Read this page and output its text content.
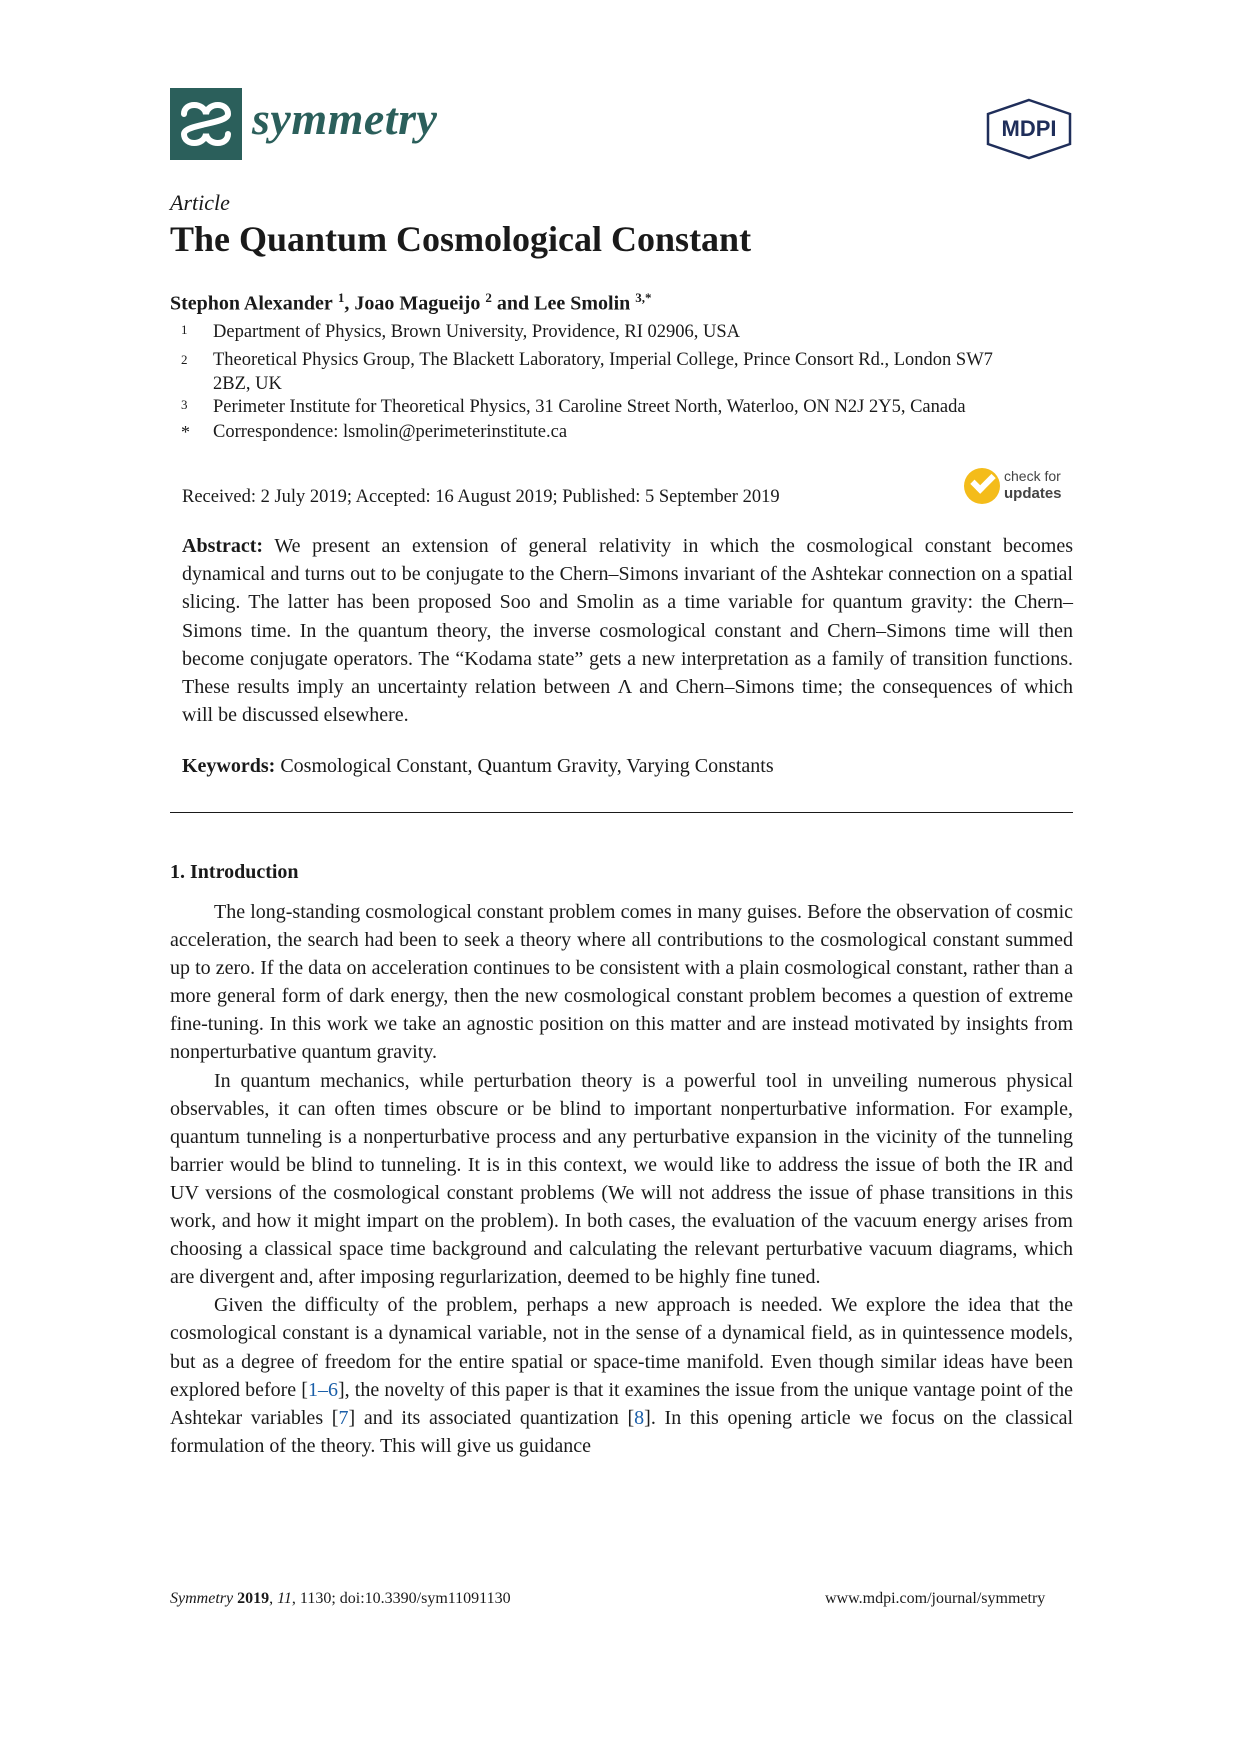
symmetry	MDPI
Article
The Quantum Cosmological Constant
Stephon Alexander $^1$, Joao Magueijo $^2$ and Lee Smolin $^{3,*}$
1 Department of Physics, Brown University, Providence, RI 02906, USA
2 Theoretical Physics Group, The Blackett Laboratory, Imperial College, Prince Consort Rd., London SW7 2BZ, UK
3 Perimeter Institute for Theoretical Physics, 31 Caroline Street North, Waterloo, ON N2J 2Y5, Canada
* Correspondence: lsmolin@perimeterinstitute.ca
Received: 2 July 2019; Accepted: 16 August 2019; Published: 5 September 2019
check for
updates
Abstract: We present an extension of general relativity in which the cosmological constant becomes dynamical and turns out to be conjugate to the Chern–Simons invariant of the Ashtekar connection on a spatial slicing. The latter has been proposed Soo and Smolin as a time variable for quantum gravity: the Chern–Simons time. In the quantum theory, the inverse cosmological constant and Chern–Simons time will then become conjugate operators. The “Kodama state” gets a new interpretation as a family of transition functions. These results imply an uncertainty relation between Λ and Chern–Simons time; the consequences of which will be discussed elsewhere.
Keywords: Cosmological Constant, Quantum Gravity, Varying Constants
1. Introduction

The long-standing cosmological constant problem comes in many guises. Before the observation of cosmic acceleration, the search had been to seek a theory where all contributions to the cosmological constant summed up to zero. If the data on acceleration continues to be consistent with a plain cosmological constant, rather than a more general form of dark energy, then the new cosmological constant problem becomes a question of extreme fine-tuning. In this work we take an agnostic position on this matter and are instead motivated by insights from nonperturbative quantum gravity.

In quantum mechanics, while perturbation theory is a powerful tool in unveiling numerous physical observables, it can often times obscure or be blind to important nonperturbative information. For example, quantum tunneling is a nonperturbative process and any perturbative expansion in the vicinity of the tunneling barrier would be blind to tunneling. It is in this context, we would like to address the issue of both the IR and UV versions of the cosmological constant problems (We will not address the issue of phase transitions in this work, and how it might impart on the problem). In both cases, the evaluation of the vacuum energy arises from choosing a classical space time background and calculating the relevant perturbative vacuum diagrams, which are divergent and, after imposing regurlarization, deemed to be highly fine tuned.

Given the difficulty of the problem, perhaps a new approach is needed. We explore the idea that the cosmological constant is a dynamical variable, not in the sense of a dynamical field, as in quintessence models, but as a degree of freedom for the entire spatial or space-time manifold. Even though similar ideas have been explored before [1–6], the novelty of this paper is that it examines the issue from the unique vantage point of the Ashtekar variables [7] and its associated quantization [8]. In this opening article we focus on the classical formulation of the theory. This will give us guidance

Symmetry 2019, 11, 1130; doi:10.3390/sym11091130	www.mdpi.com/journal/symmetry
